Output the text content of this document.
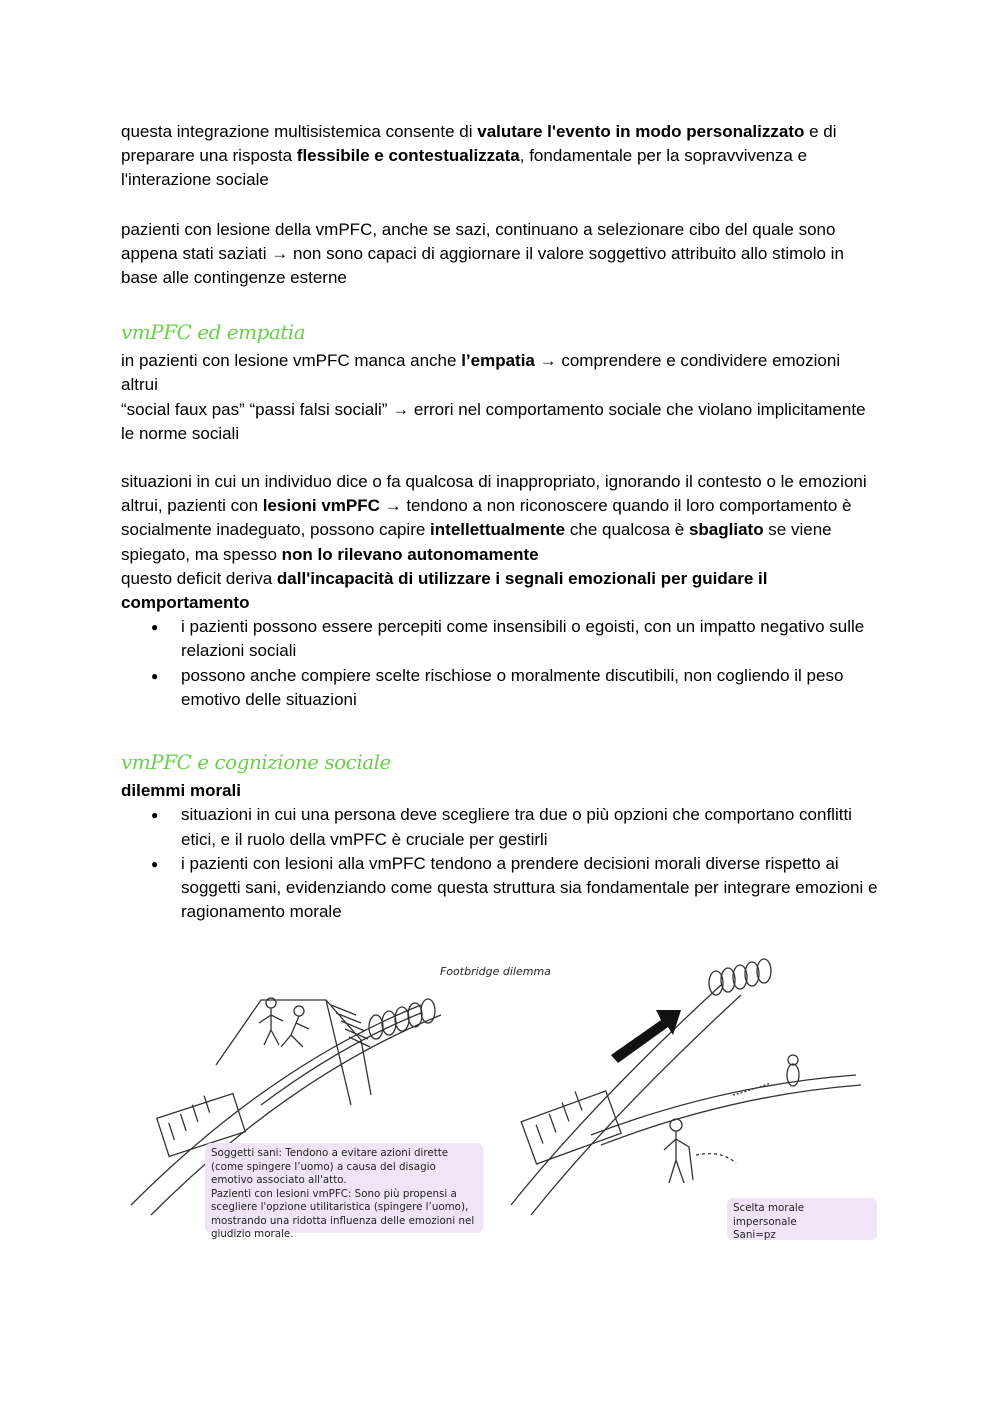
questa integrazione multisistemica consente di valutare l'evento in modo personalizzato e di preparare una risposta flessibile e contestualizzata, fondamentale per la sopravvivenza e l'interazione sociale

pazienti con lesione della vmPFC, anche se sazi, continuano a selezionare cibo del quale sono appena stati saziati → non sono capaci di aggiornare il valore soggettivo attribuito allo stimolo in base alle contingenze esterne

vmPFC ed empatia

in pazienti con lesione vmPFC manca anche l’empatia → comprendere e condividere emozioni altrui

“social faux pas” “passi falsi sociali” → errori nel comportamento sociale che violano implicitamente le norme sociali

situazioni in cui un individuo dice o fa qualcosa di inappropriato, ignorando il contesto o le emozioni altrui, pazienti con lesioni vmPFC → tendono a non riconoscere quando il loro comportamento è socialmente inadeguato, possono capire intellettualmente che qualcosa è sbagliato se viene spiegato, ma spesso non lo rilevano autonomamente

questo deficit deriva dall'incapacità di utilizzare i segnali emozionali per guidare il comportamento

● i pazienti possono essere percepiti come insensibili o egoisti, con un impatto negativo sulle relazioni sociali
● possono anche compiere scelte rischiose o moralmente discutibili, non cogliendo il peso emotivo delle situazioni

vmPFC e cognizione sociale

dilemmi morali

● situazioni in cui una persona deve scegliere tra due o più opzioni che comportano conflitti etici, e il ruolo della vmPFC è cruciale per gestirli
● i pazienti con lesioni alla vmPFC tendono a prendere decisioni morali diverse rispetto ai soggetti sani, evidenziando come questa struttura sia fondamentale per integrare emozioni e ragionamento morale
Footbridge dilemma
Soggetti sani: Tendono a evitare azioni dirette (come spingere l’uomo) a causa del disagio emotivo associato all'atto.
Pazienti con lesioni vmPFC: Sono più propensi a scegliere l'opzione utilitaristica (spingere l’uomo), mostrando una ridotta influenza delle emozioni nel giudizio morale.
Scelta morale impersonale
Sani=pz
